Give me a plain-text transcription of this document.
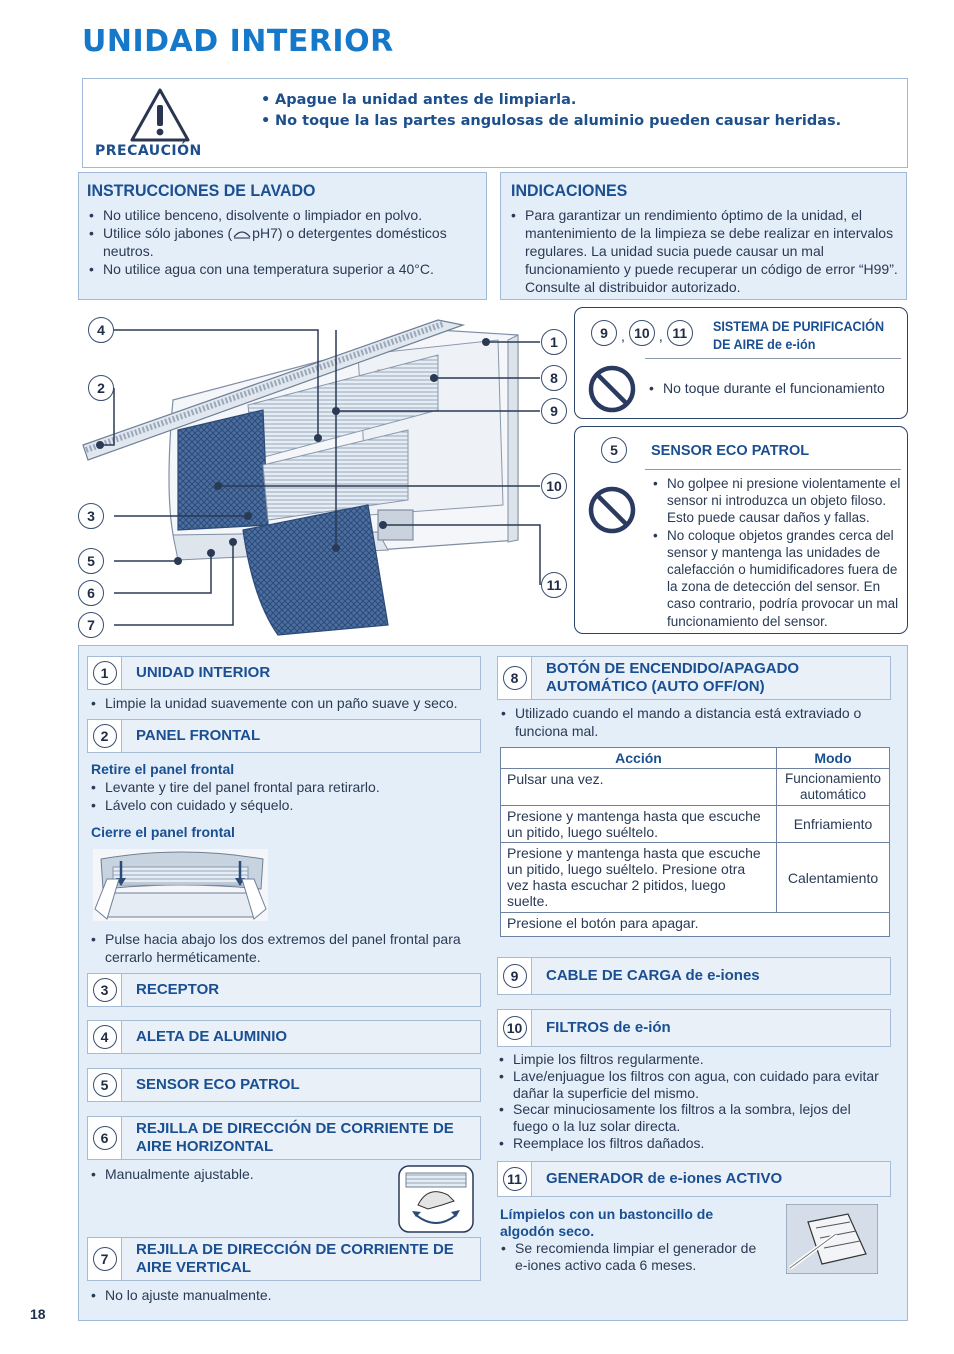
UNIDAD INTERIOR
PRECAUCIÓN
• Apague la unidad antes de limpiarla.
• No toque la las partes angulosas de aluminio pueden causar heridas.
INSTRUCCIONES DE LAVADO
• No utilice benceno, disolvente o limpiador en polvo.
• Utilice sólo jabones ( pH7) o detergentes domésticos neutros.
• No utilice agua con una temperatura superior a 40°C.
INDICACIONES
• Para garantizar un rendimiento óptimo de la unidad, el mantenimiento de la limpieza se debe realizar en intervalos regulares. La unidad sucia puede causar un mal funcionamiento y puede recuperar un código de error “H99”. Consulte al distribuidor autorizado.
4
2
3
5
6
7
1
8
9
10
11
9 , 10 , 11	SISTEMA DE PURIFICACIÓN
DE AIRE de e-ión
• No toque durante el funcionamiento
5	SENSOR ECO PATROL
• No golpee ni presione violentamente el sensor ni introduzca un objeto filoso. Esto puede causar daños y fallas.
• No coloque objetos grandes cerca del sensor y mantenga las unidades de calefacción o humidificadores fuera de la zona de detección del sensor. En caso contrario, podría provocar un mal funcionamiento del sensor.
1	UNIDAD INTERIOR
• Limpie la unidad suavemente con un paño suave y seco.
2	PANEL FRONTAL
Retire el panel frontal
• Levante y tire del panel frontal para retirarlo.
• Lávelo con cuidado y séquelo.
Cierre el panel frontal
• Pulse hacia abajo los dos extremos del panel frontal para cerrarlo herméticamente.
3	RECEPTOR
4	ALETA DE ALUMINIO
5	SENSOR ECO PATROL
6
REJILLA DE DIRECCIÓN DE CORRIENTE DE
AIRE HORIZONTAL
• Manualmente ajustable.
7
REJILLA DE DIRECCIÓN DE CORRIENTE DE
AIRE VERTICAL
• No lo ajuste manualmente.
8
BOTÓN DE ENCENDIDO/APAGADO
AUTOMÁTICO (AUTO OFF/ON)
• Utilizado cuando el mando a distancia está extraviado o funciona mal.
Acción	Modo
Pulsar una vez.	Funcionamiento automático
Presione y mantenga hasta que escuche un pitido, luego suéltelo.	Enfriamiento
Presione y mantenga hasta que escuche un pitido, luego suéltelo. Presione otra vez hasta escuchar 2 pitidos, luego suelte.	Calentamiento
Presione el botón para apagar.	
9	CABLE DE CARGA de e-iones
10	FILTROS de e-ión
• Limpie los filtros regularmente.
• Lave/enjuague los filtros con agua, con cuidado para evitar dañar la superficie del mismo.
• Secar minuciosamente los filtros a la sombra, lejos del fuego o la luz solar directa.
• Reemplace los filtros dañados.
11	GENERADOR de e-iones ACTIVO
Límpielos con un bastoncillo de algodón seco.
• Se recomienda limpiar el generador de e-iones activo cada 6 meses.
18
